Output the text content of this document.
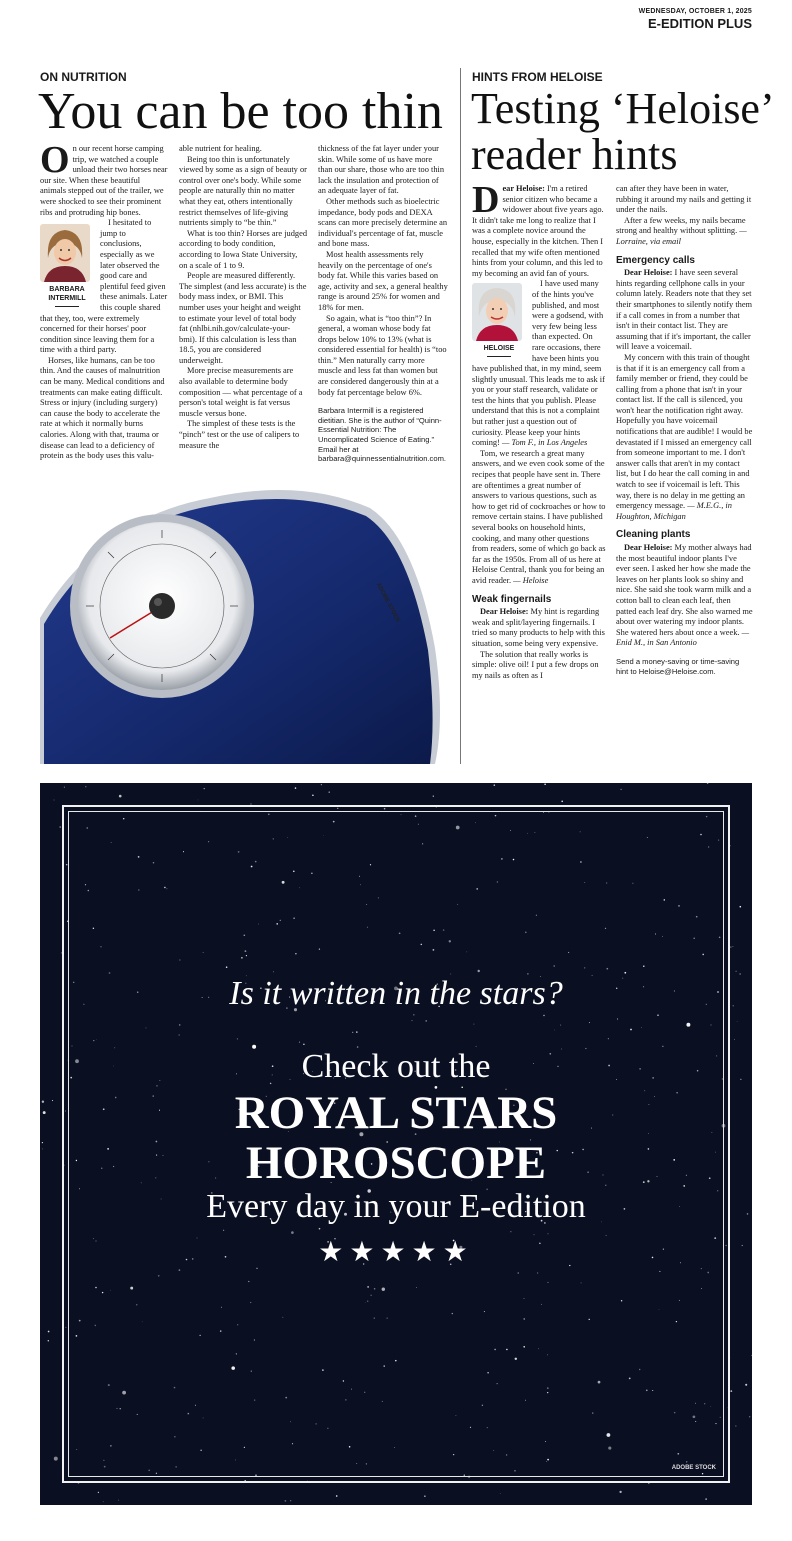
WEDNESDAY, OCTOBER 1, 2025
E-EDITION PLUS
ON NUTRITION
You can be too thin
O n our recent horse camping trip, we watched a couple unload their two horses near our site. When these beautiful animals stepped out of the trailer, we were shocked to see their prominent ribs and protruding hip bones.

BARBARA
INTERMILL

I hesitated to jump to conclusions, especially as we later observed the good care and plentiful feed given these animals. Later this couple shared that they, too, were extremely concerned for their horses' poor condition since leaving them for a time with a third party.

Horses, like humans, can be too thin. And the causes of malnutrition can be many. Medical conditions and treatments can make eating difficult. Stress or injury (including surgery) can cause the body to accelerate the rate at which it normally burns calories. Along with that, trauma or disease can lead to a deficiency of protein as the body uses this valu-

able nutrient for healing.

Being too thin is unfortunately viewed by some as a sign of beauty or control over one's body. While some people are naturally thin no matter what they eat, others intentionally restrict themselves of life-giving nutrients simply to “be thin.”

What is too thin? Horses are judged according to body condition, according to Iowa State University, on a scale of 1 to 9.

People are measured differently. The simplest (and less accurate) is the body mass index, or BMI. This number uses your height and weight to estimate your level of total body fat (nhlbi.nih.gov/calculate-your-bmi). If this calculation is less than 18.5, you are considered underweight.

More precise measurements are also available to determine body composition — what percentage of a person's total weight is fat versus muscle versus bone.

The simplest of these tests is the “pinch” test or the use of calipers to measure the

thickness of the fat layer under your skin. While some of us have more than our share, those who are too thin lack the insulation and protection of an adequate layer of fat.

Other methods such as bioelectric impedance, body pods and DEXA scans can more precisely determine an individual's percentage of fat, muscle and bone mass.

Most health assessments rely heavily on the percentage of one's body fat. While this varies based on age, activity and sex, a general healthy range is around 25% for women and 18% for men.

So again, what is “too thin”? In general, a woman whose body fat drops below 10% to 13% (what is considered essential for health) is “too thin.” Men naturally carry more muscle and less fat than women but are considered dangerously thin at a body fat percentage below 6%.

Barbara Intermill is a registered dietitian. She is the author of “Quinn-Essential Nutrition: The Uncomplicated Science of Eating.” Email her at barbara@quinnessentialnutrition.com.

ADOBE STOCK
HINTS FROM HELOISE
Testing ‘Heloise’
reader hints
D ear Heloise: I'm a retired senior citizen who became a widower about five years ago. It didn't take me long to realize that I was a complete novice around the house, especially in the kitchen. Then I recalled that my wife often mentioned hints from your column, and this led to my becoming an avid fan of yours.

HELOISE

I have used many of the hints you've published, and most were a godsend, with very few being less than expected. On rare occasions, there have been hints you have published that, in my mind, seem slightly unusual. This leads me to ask if you or your staff research, validate or test the hints that you publish. Please understand that this is not a complaint but rather just a question out of curiosity. Please keep your hints coming! — Tom F., in Los Angeles

Tom, we research a great many answers, and we even cook some of the recipes that people have sent in. There are oftentimes a great number of answers to various questions, such as how to get rid of cockroaches or how to remove certain stains. I have published several books on household hints, cooking, and many other questions from readers, some of which go back as far as the 1950s. From all of us here at Heloise Central, thank you for being an avid reader. — Heloise

Weak fingernails

Dear Heloise: My hint is regarding weak and split/layering fingernails. I tried so many products to help with this situation, some being very expensive.

The solution that really works is simple: olive oil! I put a few drops on my nails as often as I

can after they have been in water, rubbing it around my nails and getting it under the nails.

After a few weeks, my nails became strong and healthy without splitting. — Lorraine, via email

Emergency calls

Dear Heloise: I have seen several hints regarding cellphone calls in your column lately. Readers note that they set their smartphones to silently notify them if a call comes in from a number that isn't in their contact list. They are assuming that if it's important, the caller will leave a voicemail.

My concern with this train of thought is that if it is an emergency call from a family member or friend, they could be calling from a phone that isn't in your contact list. If the call is silenced, you won't hear the notification right away. Hopefully you have voicemail notifications that are audible! I would be devastated if I missed an emergency call from someone important to me. I don't answer calls that aren't in my contact list, but I do hear the call coming in and watch to see if voicemail is left. This way, there is no delay in me getting an emergency message. — M.E.G., in Houghton, Michigan

Cleaning plants

Dear Heloise: My mother always had the most beautiful indoor plants I've ever seen. I asked her how she made the leaves on her plants look so shiny and nice. She said she took warm milk and a cotton ball to clean each leaf, then patted each leaf dry. She also warned me about over watering my indoor plants. She watered hers about once a week. — Enid M., in San Antonio

Send a money-saving or time-saving hint to Heloise@Heloise.com.

Is it written in the stars?
Check out the
ROYAL STARS
HOROSCOPE
Every day in your E-edition
★★★★★
ADOBE STOCK
